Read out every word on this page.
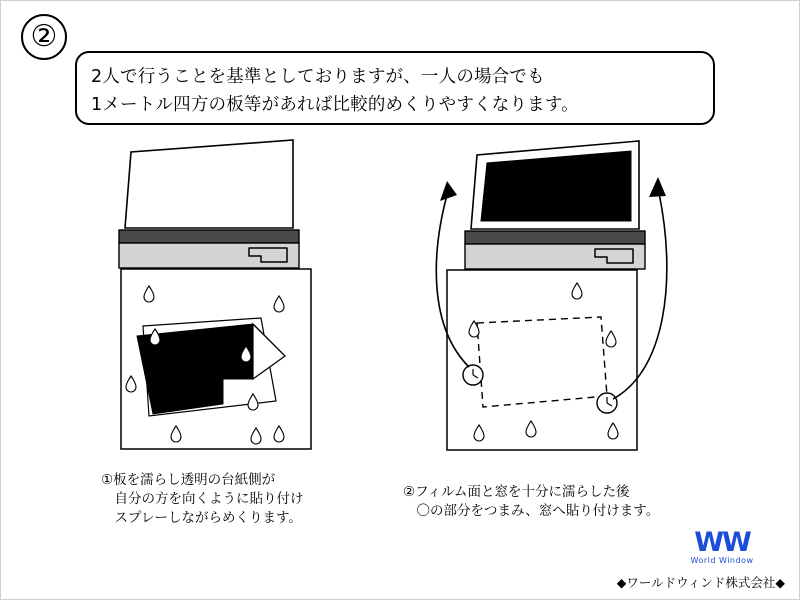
②
2人で行うことを基準としておりますが、一人の場合でも
1メートル四方の板等があれば比較的めくりやすくなります。
①板を濡らし透明の台紙側が
　自分の方を向くように貼り付け
　スプレーしながらめくります。
②フィルム面と窓を十分に濡らした後
　〇の部分をつまみ、窓へ貼り付けます。
WW
World Window
◆ワールドウィンド株式会社◆
